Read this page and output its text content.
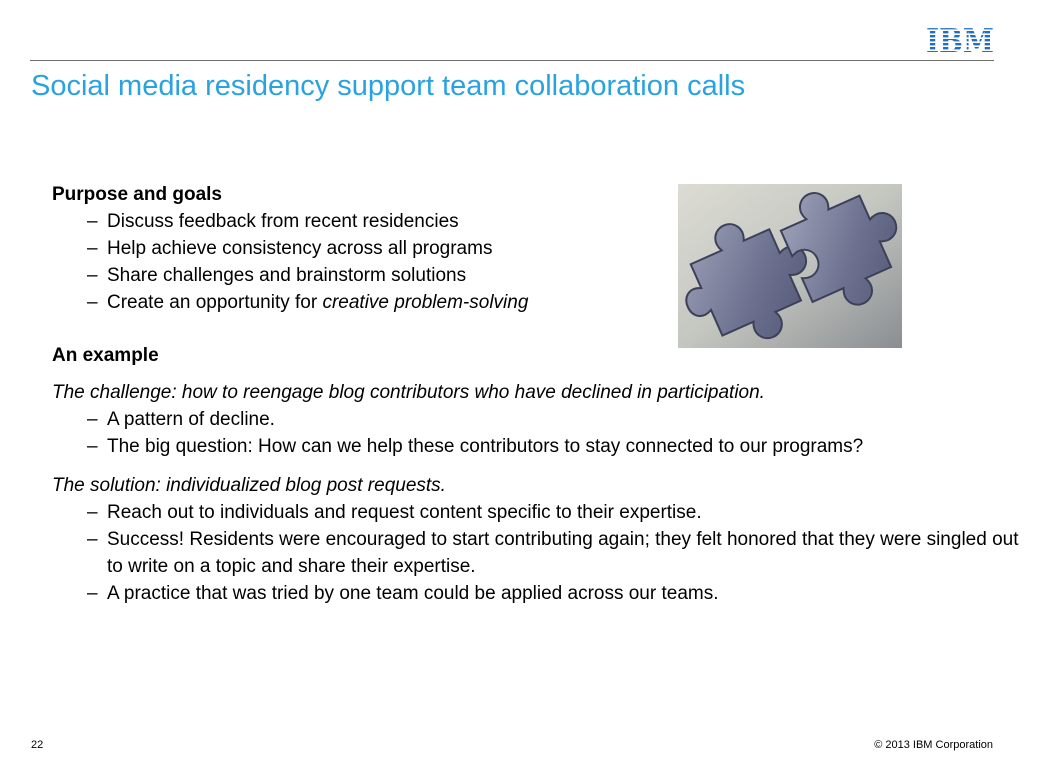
IBM
Social media residency support team collaboration calls
Purpose and goals
– Discuss feedback from recent residencies
– Help achieve consistency across all programs
– Share challenges and brainstorm solutions
– Create an opportunity for creative problem-solving
An example
The challenge: how to reengage blog contributors who have declined in participation.
– A pattern of decline.
– The big question: How can we help these contributors to stay connected to our programs?
The solution: individualized blog post requests.
– Reach out to individuals and request content specific to their expertise.
– Success! Residents were encouraged to start contributing again; they felt honored that they were singled out to write on a topic and share their expertise.
– A practice that was tried by one team could be applied across our teams.
22	© 2013 IBM Corporation
